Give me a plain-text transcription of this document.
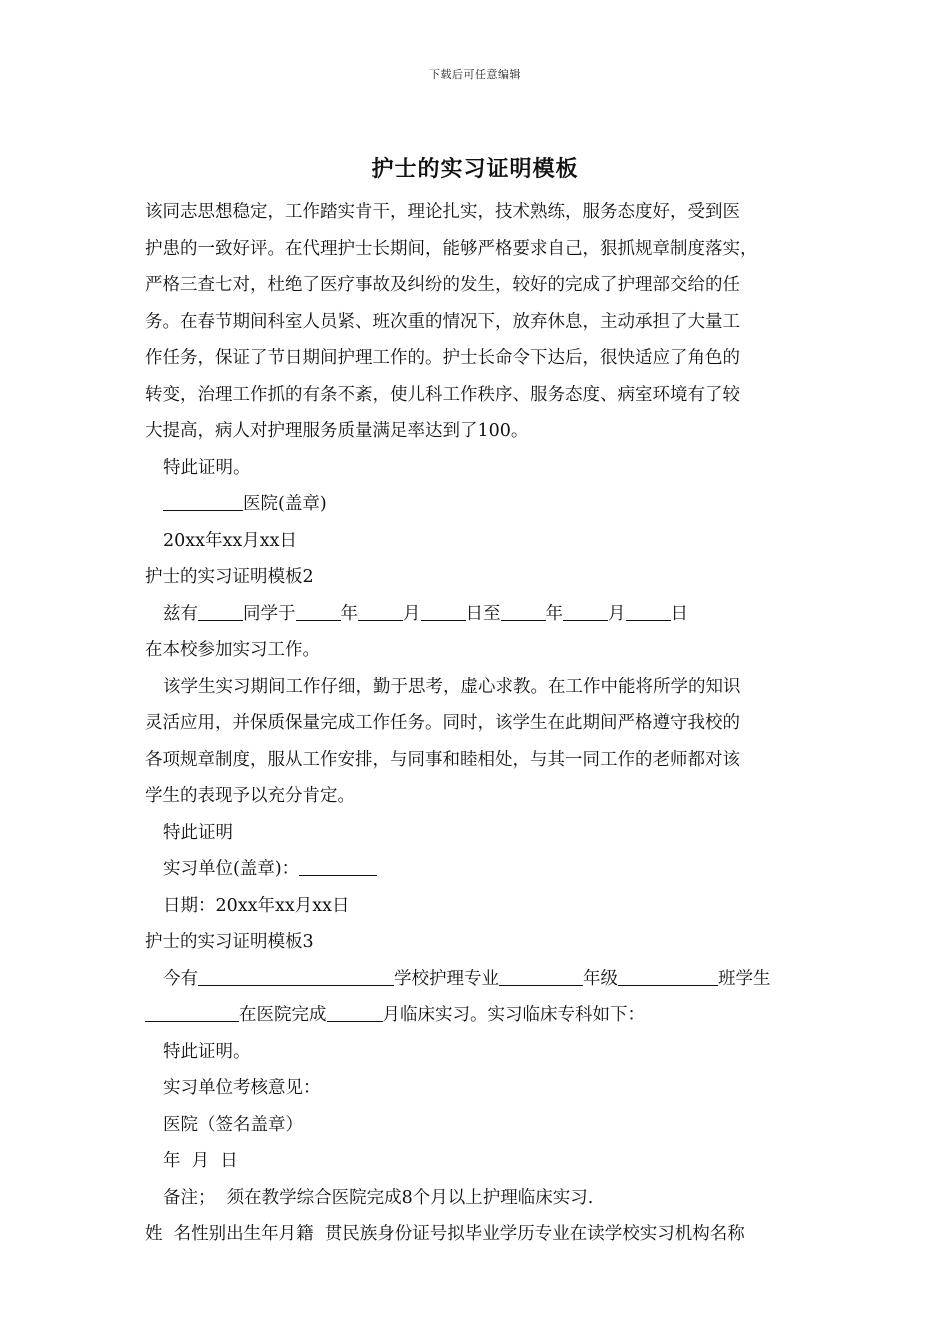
下载后可任意编辑
护士的实习证明模板
该同志思想稳定，工作踏实肯干，理论扎实，技术熟练，服务态度好，受到医
护患的一致好评。在代理护士长期间，能够严格要求自己，狠抓规章制度落实，
严格三查七对，杜绝了医疗事故及纠纷的发生，较好的完成了护理部交给的任
务。在春节期间科室人员紧、班次重的情况下，放弃休息，主动承担了大量工
作任务，保证了节日期间护理工作的。护士长命令下达后，很快适应了角色的
转变，治理工作抓的有条不紊，使儿科工作秩序、服务态度、病室环境有了较
大提高，病人对护理服务质量满足率达到了100。
特此证明。
医院(盖章)
20xx年xx月xx日
护士的实习证明模板2
兹有	同学于	年	月	日至	年	月	日
在本校参加实习工作。
该学生实习期间工作仔细，勤于思考，虚心求教。在工作中能将所学的知识
灵活应用，并保质保量完成工作任务。同时，该学生在此期间严格遵守我校的
各项规章制度，服从工作安排，与同事和睦相处，与其一同工作的老师都对该
学生的表现予以充分肯定。
特此证明
实习单位(盖章)：
日期：20xx年xx月xx日
护士的实习证明模板3
今有	学校护理专业	年级	班学生
在医院完成	月临床实习。实习临床专科如下：
特此证明。
实习单位考核意见：
医院（签名盖章）
年  月  日
备注；  须在教学综合医院完成8个月以上护理临床实习.
姓  名性别出生年月籍  贯民族身份证号拟毕业学历专业在读学校实习机构名称
